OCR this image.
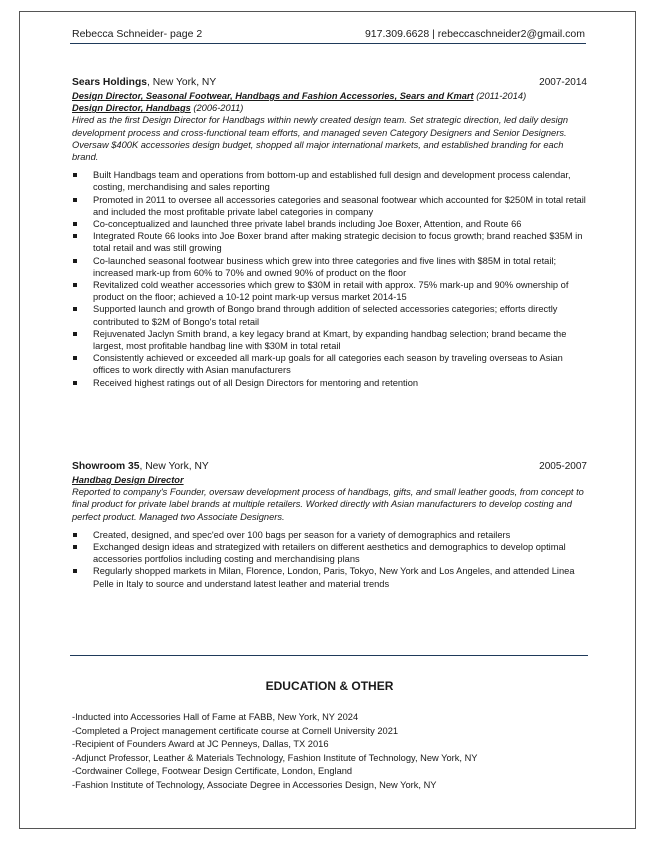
Rebecca Schneider- page 2	917.309.6628 | rebeccaschneider2@gmail.com
Sears Holdings, New York, NY	2007-2014
Design Director, Seasonal Footwear, Handbags and Fashion Accessories, Sears and Kmart (2011-2014)
Design Director, Handbags (2006-2011)

Hired as the first Design Director for Handbags within newly created design team. Set strategic direction, led daily design development process and cross-functional team efforts, and managed seven Category Designers and Senior Designers. Oversaw $400K accessories design budget, shopped all major international markets, and established branding for each brand.

Built Handbags team and operations from bottom-up and established full design and development process calendar, costing, merchandising and sales reporting
Promoted in 2011 to oversee all accessories categories and seasonal footwear which accounted for $250M in total retail and included the most profitable private label categories in company
Co-conceptualized and launched three private label brands including Joe Boxer, Attention, and Route 66
Integrated Route 66 looks into Joe Boxer brand after making strategic decision to focus growth; brand reached $35M in total retail and was still growing
Co-launched seasonal footwear business which grew into three categories and five lines with $85M in total retail; increased mark-up from 60% to 70% and owned 90% of product on the floor
Revitalized cold weather accessories which grew to $30M in retail with approx. 75% mark-up and 90% ownership of product on the floor; achieved a 10-12 point mark-up versus market 2014-15
Supported launch and growth of Bongo brand through addition of selected accessories categories; efforts directly contributed to $2M of Bongo's total retail
Rejuvenated Jaclyn Smith brand, a key legacy brand at Kmart, by expanding handbag selection; brand became the largest, most profitable handbag line with $30M in total retail
Consistently achieved or exceeded all mark-up goals for all categories each season by traveling overseas to Asian offices to work directly with Asian manufacturers
Received highest ratings out of all Design Directors for mentoring and retention
Showroom 35, New York, NY	2005-2007
Handbag Design Director

Reported to company's Founder, oversaw development process of handbags, gifts, and small leather goods, from concept to final product for private label brands at multiple retailers. Worked directly with Asian manufacturers to develop costing and perfect product. Managed two Associate Designers.

Created, designed, and spec'ed over 100 bags per season for a variety of demographics and retailers
Exchanged design ideas and strategized with retailers on different aesthetics and demographics to develop optimal accessories portfolios including costing and merchandising plans
Regularly shopped markets in Milan, Florence, London, Paris, Tokyo, New York and Los Angeles, and attended Linea Pelle in Italy to source and understand latest leather and material trends
EDUCATION & OTHER
-Inducted into Accessories Hall of Fame at FABB, New York, NY 2024
-Completed a Project management certificate course at Cornell University 2021
-Recipient of Founders Award at JC Penneys, Dallas, TX 2016
-Adjunct Professor, Leather & Materials Technology, Fashion Institute of Technology, New York, NY
-Cordwainer College, Footwear Design Certificate, London, England
-Fashion Institute of Technology, Associate Degree in Accessories Design, New York, NY
